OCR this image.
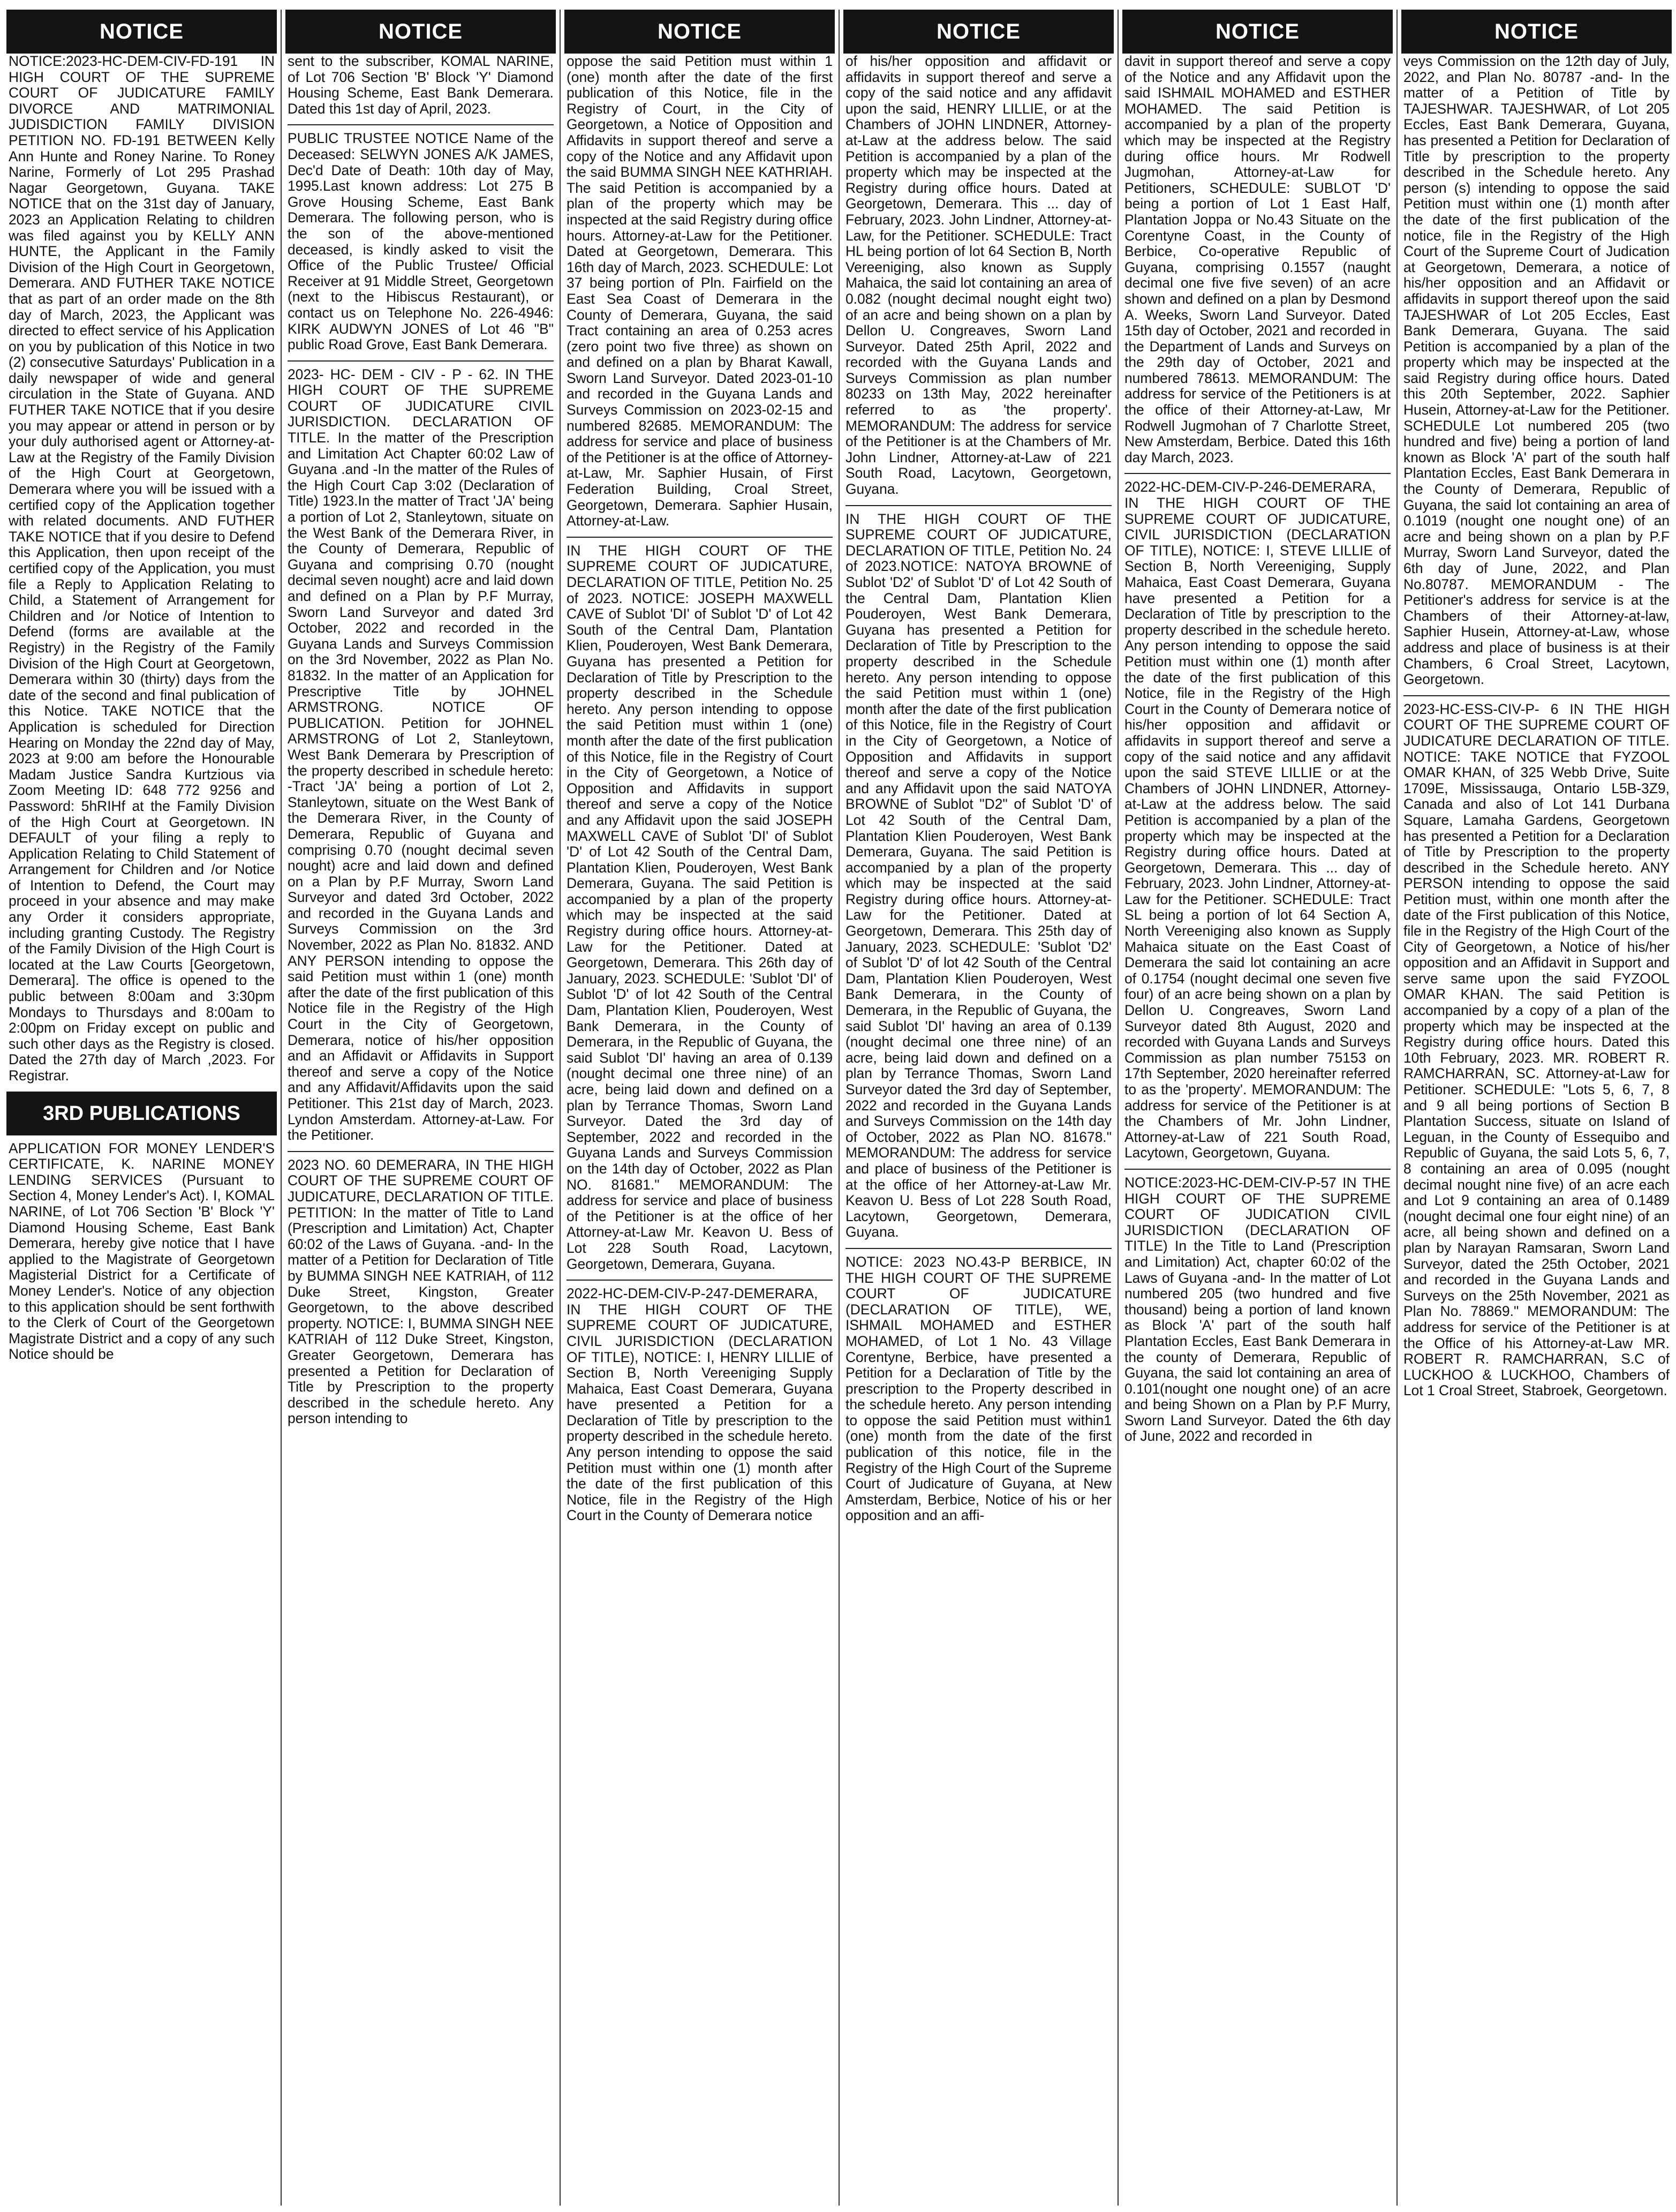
NOTICE

NOTICE:2023-HC-DEM-CIV-FD-191 IN HIGH COURT OF THE SUPREME COURT OF JUDICATURE FAMILY DIVORCE AND MATRIMONIAL JUDISDICTION FAMILY DIVISION PETITION NO. FD-191 BETWEEN Kelly Ann Hunte and Roney Narine. To Roney Narine, Formerly of Lot 295 Prashad Nagar Georgetown, Guyana. TAKE NOTICE that on the 31st day of January, 2023 an Application Relating to children was filed against you by KELLY ANN HUNTE, the Applicant in the Family Division of the High Court in Georgetown, Demerara. AND FUTHER TAKE NOTICE that as part of an order made on the 8th day of March, 2023, the Applicant was directed to effect service of his Application on you by publication of this Notice in two (2) consecutive Saturdays' Publication in a daily newspaper of wide and general circulation in the State of Guyana. AND FUTHER TAKE NOTICE that if you desire you may appear or attend in person or by your duly authorised agent or Attorney-at-Law at the Registry of the Family Division of the High Court at Georgetown, Demerara where you will be issued with a certified copy of the Application together with related documents. AND FUTHER TAKE NOTICE that if you desire to Defend this Application, then upon receipt of the certified copy of the Application, you must file a Reply to Application Relating to Child, a Statement of Arrangement for Children and /or Notice of Intention to Defend (forms are available at the Registry) in the Registry of the Family Division of the High Court at Georgetown, Demerara within 30 (thirty) days from the date of the second and final publication of this Notice. TAKE NOTICE that the Application is scheduled for Direction Hearing on Monday the 22nd day of May, 2023 at 9:00 am before the Honourable Madam Justice Sandra Kurtzious via Zoom Meeting ID: 648 772 9256 and Password: 5hRIHf at the Family Division of the High Court at Georgetown. IN DEFAULT of your filing a reply to Application Relating to Child Statement of Arrangement for Children and /or Notice of Intention to Defend, the Court may proceed in your absence and may make any Order it considers appropriate, including granting Custody. The Registry of the Family Division of the High Court is located at the Law Courts [Georgetown, Demerara]. The office is opened to the public between 8:00am and 3:30pm Mondays to Thursdays and 8:00am to 2:00pm on Friday except on public and such other days as the Registry is closed. Dated the 27th day of March ,2023. For Registrar.

3RD PUBLICATIONS

APPLICATION FOR MONEY LENDER'S CERTIFICATE, K. NARINE MONEY LENDING SERVICES (Pursuant to Section 4, Money Lender's Act). I, KOMAL NARINE, of Lot 706 Section 'B' Block 'Y' Diamond Housing Scheme, East Bank Demerara, hereby give notice that I have applied to the Magistrate of Georgetown Magisterial District for a Certificate of Money Lender's. Notice of any objection to this application should be sent forthwith to the Clerk of Court of the Georgetown Magistrate District and a copy of any such Notice should be

NOTICE

sent to the subscriber, KOMAL NARINE, of Lot 706 Section 'B' Block 'Y' Diamond Housing Scheme, East Bank Demerara. Dated this 1st day of April, 2023.

PUBLIC TRUSTEE NOTICE Name of the Deceased: SELWYN JONES A/K JAMES, Dec'd Date of Death: 10th day of May, 1995.Last known address: Lot 275 B Grove Housing Scheme, East Bank Demerara. The following person, who is the son of the above-mentioned deceased, is kindly asked to visit the Office of the Public Trustee/ Official Receiver at 91 Middle Street, Georgetown (next to the Hibiscus Restaurant), or contact us on Telephone No. 226-4946: KIRK AUDWYN JONES of Lot 46 "B" public Road Grove, East Bank Demerara.

2023- HC- DEM - CIV - P - 62. IN THE HIGH COURT OF THE SUPREME COURT OF JUDICATURE CIVIL JURISDICTION. DECLARATION OF TITLE. In the matter of the Prescription and Limitation Act Chapter 60:02 Law of Guyana .and -In the matter of the Rules of the High Court Cap 3:02 (Declaration of Title) 1923.In the matter of Tract 'JA' being a portion of Lot 2, Stanleytown, situate on the West Bank of the Demerara River, in the County of Demerara, Republic of Guyana and comprising 0.70 (nought decimal seven nought) acre and laid down and defined on a Plan by P.F Murray, Sworn Land Surveyor and dated 3rd October, 2022 and recorded in the Guyana Lands and Surveys Commission on the 3rd November, 2022 as Plan No. 81832. In the matter of an Application for Prescriptive Title by JOHNEL ARMSTRONG. NOTICE OF PUBLICATION. Petition for JOHNEL ARMSTRONG of Lot 2, Stanleytown, West Bank Demerara by Prescription of the property described in schedule hereto: -Tract 'JA' being a portion of Lot 2, Stanleytown, situate on the West Bank of the Demerara River, in the County of Demerara, Republic of Guyana and comprising 0.70 (nought decimal seven nought) acre and laid down and defined on a Plan by P.F Murray, Sworn Land Surveyor and dated 3rd October, 2022 and recorded in the Guyana Lands and Surveys Commission on the 3rd November, 2022 as Plan No. 81832. AND ANY PERSON intending to oppose the said Petition must within 1 (one) month after the date of the first publication of this Notice file in the Registry of the High Court in the City of Georgetown, Demerara, notice of his/her opposition and an Affidavit or Affidavits in Support thereof and serve a copy of the Notice and any Affidavit/Affidavits upon the said Petitioner. This 21st day of March, 2023. Lyndon Amsterdam. Attorney-at-Law. For the Petitioner.

2023 NO. 60 DEMERARA, IN THE HIGH COURT OF THE SUPREME COURT OF JUDICATURE, DECLARATION OF TITLE. PETITION: In the matter of Title to Land (Prescription and Limitation) Act, Chapter 60:02 of the Laws of Guyana. -and- In the matter of a Petition for Declaration of Title by BUMMA SINGH NEE KATRIAH, of 112 Duke Street, Kingston, Greater Georgetown, to the above described property. NOTICE: I, BUMMA SINGH NEE KATRIAH of 112 Duke Street, Kingston, Greater Georgetown, Demerara has presented a Petition for Declaration of Title by Prescription to the property described in the schedule hereto. Any person intending to

NOTICE

oppose the said Petition must within 1 (one) month after the date of the first publication of this Notice, file in the Registry of Court, in the City of Georgetown, a Notice of Opposition and Affidavits in support thereof and serve a copy of the Notice and any Affidavit upon the said BUMMA SINGH NEE KATHRIAH. The said Petition is accompanied by a plan of the property which may be inspected at the said Registry during office hours. Attorney-at-Law for the Petitioner. Dated at Georgetown, Demerara. This 16th day of March, 2023. SCHEDULE: Lot 37 being portion of Pln. Fairfield on the East Sea Coast of Demerara in the County of Demerara, Guyana, the said Tract containing an area of 0.253 acres (zero point two five three) as shown on and defined on a plan by Bharat Kawall, Sworn Land Surveyor. Dated 2023-01-10 and recorded in the Guyana Lands and Surveys Commission on 2023-02-15 and numbered 82685. MEMORANDUM: The address for service and place of business of the Petitioner is at the office of Attorney-at-Law, Mr. Saphier Husain, of First Federation Building, Croal Street, Georgetown, Demerara. Saphier Husain, Attorney-at-Law.

IN THE HIGH COURT OF THE SUPREME COURT OF JUDICATURE, DECLARATION OF TITLE, Petition No. 25 of 2023. NOTICE: JOSEPH MAXWELL CAVE of Sublot 'DI' of Sublot 'D' of Lot 42 South of the Central Dam, Plantation Klien, Pouderoyen, West Bank Demerara, Guyana has presented a Petition for Declaration of Title by Prescription to the property described in the Schedule hereto. Any person intending to oppose the said Petition must within 1 (one) month after the date of the first publication of this Notice, file in the Registry of Court in the City of Georgetown, a Notice of Opposition and Affidavits in support thereof and serve a copy of the Notice and any Affidavit upon the said JOSEPH MAXWELL CAVE of Sublot 'DI' of Sublot 'D' of Lot 42 South of the Central Dam, Plantation Klien, Pouderoyen, West Bank Demerara, Guyana. The said Petition is accompanied by a plan of the property which may be inspected at the said Registry during office hours. Attorney-at-Law for the Petitioner. Dated at Georgetown, Demerara. This 26th day of January, 2023. SCHEDULE: 'Sublot 'DI' of Sublot 'D' of lot 42 South of the Central Dam, Plantation Klien, Pouderoyen, West Bank Demerara, in the County of Demerara, in the Republic of Guyana, the said Sublot 'DI' having an area of 0.139 (nought decimal one three nine) of an acre, being laid down and defined on a plan by Terrance Thomas, Sworn Land Surveyor. Dated the 3rd day of September, 2022 and recorded in the Guyana Lands and Surveys Commission on the 14th day of October, 2022 as Plan NO. 81681." MEMORANDUM: The address for service and place of business of the Petitioner is at the office of her Attorney-at-Law Mr. Keavon U. Bess of Lot 228 South Road, Lacytown, Georgetown, Demerara, Guyana.

2022-HC-DEM-CIV-P-247-DEMERARA, IN THE HIGH COURT OF THE SUPREME COURT OF JUDICATURE, CIVIL JURISDICTION (DECLARATION OF TITLE), NOTICE: I, HENRY LILLIE of Section B, North Vereeniging Supply Mahaica, East Coast Demerara, Guyana have presented a Petition for a Declaration of Title by prescription to the property described in the schedule hereto. Any person intending to oppose the said Petition must within one (1) month after the date of the first publication of this Notice, file in the Registry of the High Court in the County of Demerara notice

NOTICE

of his/her opposition and affidavit or affidavits in support thereof and serve a copy of the said notice and any affidavit upon the said, HENRY LILLIE, or at the Chambers of JOHN LINDNER, Attorney-at-Law at the address below. The said Petition is accompanied by a plan of the property which may be inspected at the Registry during office hours. Dated at Georgetown, Demerara. This ... day of February, 2023. John Lindner, Attorney-at-Law, for the Petitioner. SCHEDULE: Tract HL being portion of lot 64 Section B, North Vereeniging, also known as Supply Mahaica, the said lot containing an area of 0.082 (nought decimal nought eight two) of an acre and being shown on a plan by Dellon U. Congreaves, Sworn Land Surveyor. Dated 25th April, 2022 and recorded with the Guyana Lands and Surveys Commission as plan number 80233 on 13th May, 2022 hereinafter referred to as 'the property'. MEMORANDUM: The address for service of the Petitioner is at the Chambers of Mr. John Lindner, Attorney-at-Law of 221 South Road, Lacytown, Georgetown, Guyana.

IN THE HIGH COURT OF THE SUPREME COURT OF JUDICATURE, DECLARATION OF TITLE, Petition No. 24 of 2023.NOTICE: NATOYA BROWNE of Sublot 'D2' of Sublot 'D' of Lot 42 South of the Central Dam, Plantation Klien Pouderoyen, West Bank Demerara, Guyana has presented a Petition for Declaration of Title by Prescription to the property described in the Schedule hereto. Any person intending to oppose the said Petition must within 1 (one) month after the date of the first publication of this Notice, file in the Registry of Court in the City of Georgetown, a Notice of Opposition and Affidavits in support thereof and serve a copy of the Notice and any Affidavit upon the said NATOYA BROWNE of Sublot "D2" of Sublot 'D' of Lot 42 South of the Central Dam, Plantation Klien Pouderoyen, West Bank Demerara, Guyana. The said Petition is accompanied by a plan of the property which may be inspected at the said Registry during office hours. Attorney-at-Law for the Petitioner. Dated at Georgetown, Demerara. This 25th day of January, 2023. SCHEDULE: 'Sublot 'D2' of Sublot 'D' of lot 42 South of the Central Dam, Plantation Klien Pouderoyen, West Bank Demerara, in the County of Demerara, in the Republic of Guyana, the said Sublot 'DI' having an area of 0.139 (nought decimal one three nine) of an acre, being laid down and defined on a plan by Terrance Thomas, Sworn Land Surveyor dated the 3rd day of September, 2022 and recorded in the Guyana Lands and Surveys Commission on the 14th day of October, 2022 as Plan NO. 81678." MEMORANDUM: The address for service and place of business of the Petitioner is at the office of her Attorney-at-Law Mr. Keavon U. Bess of Lot 228 South Road, Lacytown, Georgetown, Demerara, Guyana.

NOTICE: 2023 NO.43-P BERBICE, IN THE HIGH COURT OF THE SUPREME COURT OF JUDICATURE (DECLARATION OF TITLE), WE, ISHMAIL MOHAMED and ESTHER MOHAMED, of Lot 1 No. 43 Village Corentyne, Berbice, have presented a Petition for a Declaration of Title by the prescription to the Property described in the schedule hereto. Any person intending to oppose the said Petition must within1 (one) month from the date of the first publication of this notice, file in the Registry of the High Court of the Supreme Court of Judicature of Guyana, at New Amsterdam, Berbice, Notice of his or her opposition and an affi-

NOTICE

davit in support thereof and serve a copy of the Notice and any Affidavit upon the said ISHMAIL MOHAMED and ESTHER MOHAMED. The said Petition is accompanied by a plan of the property which may be inspected at the Registry during office hours. Mr Rodwell Jugmohan, Attorney-at-Law for Petitioners, SCHEDULE: SUBLOT 'D' being a portion of Lot 1 East Half, Plantation Joppa or No.43 Situate on the Corentyne Coast, in the County of Berbice, Co-operative Republic of Guyana, comprising 0.1557 (naught decimal one five five seven) of an acre shown and defined on a plan by Desmond A. Weeks, Sworn Land Surveyor. Dated 15th day of October, 2021 and recorded in the Department of Lands and Surveys on the 29th day of October, 2021 and numbered 78613. MEMORANDUM: The address for service of the Petitioners is at the office of their Attorney-at-Law, Mr Rodwell Jugmohan of 7 Charlotte Street, New Amsterdam, Berbice. Dated this 16th day March, 2023.

2022-HC-DEM-CIV-P-246-DEMERARA, IN THE HIGH COURT OF THE SUPREME COURT OF JUDICATURE, CIVIL JURISDICTION (DECLARATION OF TITLE), NOTICE: I, STEVE LILLIE of Section B, North Vereeniging, Supply Mahaica, East Coast Demerara, Guyana have presented a Petition for a Declaration of Title by prescription to the property described in the schedule hereto. Any person intending to oppose the said Petition must within one (1) month after the date of the first publication of this Notice, file in the Registry of the High Court in the County of Demerara notice of his/her opposition and affidavit or affidavits in support thereof and serve a copy of the said notice and any affidavit upon the said STEVE LILLIE or at the Chambers of JOHN LINDNER, Attorney-at-Law at the address below. The said Petition is accompanied by a plan of the property which may be inspected at the Registry during office hours. Dated at Georgetown, Demerara. This ... day of February, 2023. John Lindner, Attorney-at-Law for the Petitioner. SCHEDULE: Tract SL being a portion of lot 64 Section A, North Vereeniging also known as Supply Mahaica situate on the East Coast of Demerara the said lot containing an acre of 0.1754 (nought decimal one seven five four) of an acre being shown on a plan by Dellon U. Congreaves, Sworn Land Surveyor dated 8th August, 2020 and recorded with Guyana Lands and Surveys Commission as plan number 75153 on 17th September, 2020 hereinafter referred to as the 'property'. MEMORANDUM: The address for service of the Petitioner is at the Chambers of Mr. John Lindner, Attorney-at-Law of 221 South Road, Lacytown, Georgetown, Guyana.

NOTICE:2023-HC-DEM-CIV-P-57 IN THE HIGH COURT OF THE SUPREME COURT OF JUDICATION CIVIL JURISDICTION (DECLARATION OF TITLE) In the Title to Land (Prescription and Limitation) Act, chapter 60:02 of the Laws of Guyana -and- In the matter of Lot numbered 205 (two hundred and five thousand) being a portion of land known as Block 'A' part of the south half Plantation Eccles, East Bank Demerara in the county of Demerara, Republic of Guyana, the said lot containing an area of 0.101(nought one nought one) of an acre and being Shown on a Plan by P.F Murry, Sworn Land Surveyor. Dated the 6th day of June, 2022 and recorded in

NOTICE

veys Commission on the 12th day of July, 2022, and Plan No. 80787 -and- In the matter of a Petition of Title by TAJESHWAR. TAJESHWAR, of Lot 205 Eccles, East Bank Demerara, Guyana, has presented a Petition for Declaration of Title by prescription to the property described in the Schedule hereto. Any person (s) intending to oppose the said Petition must within one (1) month after the date of the first publication of the notice, file in the Registry of the High Court of the Supreme Court of Judication at Georgetown, Demerara, a notice of his/her opposition and an Affidavit or affidavits in support thereof upon the said TAJESHWAR of Lot 205 Eccles, East Bank Demerara, Guyana. The said Petition is accompanied by a plan of the property which may be inspected at the said Registry during office hours. Dated this 20th September, 2022. Saphier Husein, Attorney-at-Law for the Petitioner. SCHEDULE Lot numbered 205 (two hundred and five) being a portion of land known as Block 'A' part of the south half Plantation Eccles, East Bank Demerara in the County of Demerara, Republic of Guyana, the said lot containing an area of 0.1019 (nought one nought one) of an acre and being shown on a plan by P.F Murray, Sworn Land Surveyor, dated the 6th day of June, 2022, and Plan No.80787. MEMORANDUM - The Petitioner's address for service is at the Chambers of their Attorney-at-law, Saphier Husein, Attorney-at-Law, whose address and place of business is at their Chambers, 6 Croal Street, Lacytown, Georgetown.

2023-HC-ESS-CIV-P- 6 IN THE HIGH COURT OF THE SUPREME COURT OF JUDICATURE DECLARATION OF TITLE. NOTICE: TAKE NOTICE that FYZOOL OMAR KHAN, of 325 Webb Drive, Suite 1709E, Mississauga, Ontario L5B-3Z9, Canada and also of Lot 141 Durbana Square, Lamaha Gardens, Georgetown has presented a Petition for a Declaration of Title by Prescription to the property described in the Schedule hereto. ANY PERSON intending to oppose the said Petition must, within one month after the date of the First publication of this Notice, file in the Registry of the High Court of the City of Georgetown, a Notice of his/her opposition and an Affidavit in Support and serve same upon the said FYZOOL OMAR KHAN. The said Petition is accompanied by a copy of a plan of the property which may be inspected at the Registry during office hours. Dated this 10th February, 2023. MR. ROBERT R. RAMCHARRAN, SC. Attorney-at-Law for Petitioner. SCHEDULE: "Lots 5, 6, 7, 8 and 9 all being portions of Section B Plantation Success, situate on Island of Leguan, in the County of Essequibo and Republic of Guyana, the said Lots 5, 6, 7, 8 containing an area of 0.095 (nought decimal nought nine five) of an acre each and Lot 9 containing an area of 0.1489 (nought decimal one four eight nine) of an acre, all being shown and defined on a plan by Narayan Ramsaran, Sworn Land Surveyor, dated the 25th October, 2021 and recorded in the Guyana Lands and Surveys on the 25th November, 2021 as Plan No. 78869." MEMORANDUM: The address for service of the Petitioner is at the Office of his Attorney-at-Law MR. ROBERT R. RAMCHARRAN, S.C of LUCKHOO & LUCKHOO, Chambers of Lot 1 Croal Street, Stabroek, Georgetown.
